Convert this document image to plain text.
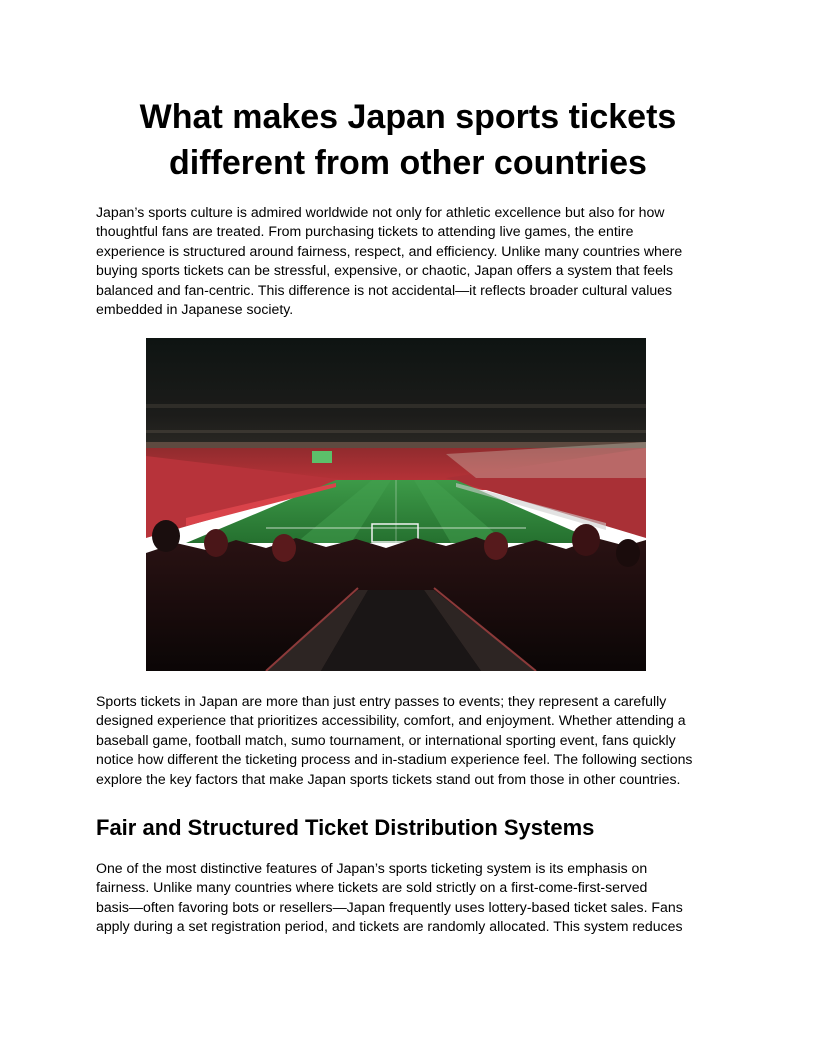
What makes Japan sports tickets different from other countries
Japan’s sports culture is admired worldwide not only for athletic excellence but also for how
thoughtful fans are treated. From purchasing tickets to attending live games, the entire
experience is structured around fairness, respect, and efficiency. Unlike many countries where
buying sports tickets can be stressful, expensive, or chaotic, Japan offers a system that feels
balanced and fan-centric. This difference is not accidental—it reflects broader cultural values
embedded in Japanese society.
Sports tickets in Japan are more than just entry passes to events; they represent a carefully
designed experience that prioritizes accessibility, comfort, and enjoyment. Whether attending a
baseball game, football match, sumo tournament, or international sporting event, fans quickly
notice how different the ticketing process and in-stadium experience feel. The following sections
explore the key factors that make Japan sports tickets stand out from those in other countries.
Fair and Structured Ticket Distribution Systems
One of the most distinctive features of Japan’s sports ticketing system is its emphasis on
fairness. Unlike many countries where tickets are sold strictly on a first-come-first-served
basis—often favoring bots or resellers—Japan frequently uses lottery-based ticket sales. Fans
apply during a set registration period, and tickets are randomly allocated. This system reduces
